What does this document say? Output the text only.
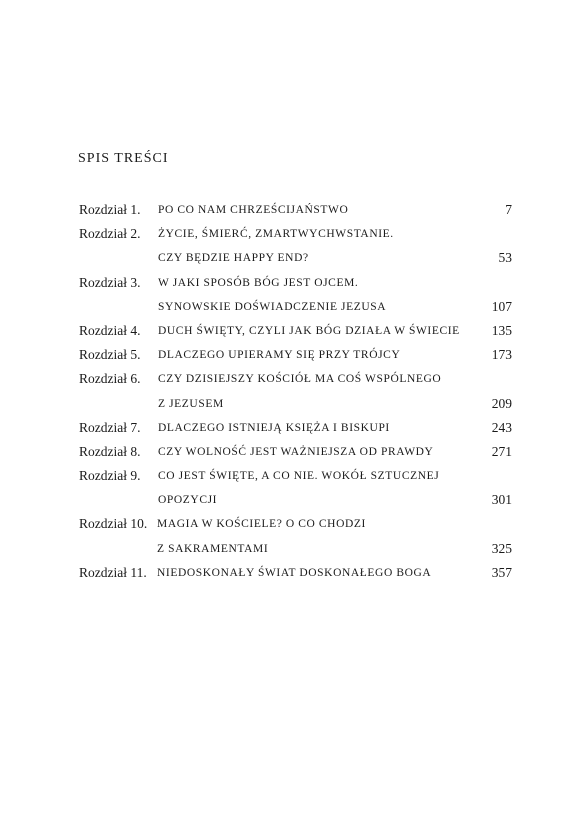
SPIS TREŚCI
Rozdział 1. PO CO NAM CHRZEŚCIJAŃSTWO	7
Rozdział 2. ŻYCIE, ŚMIERĆ, ZMARTWYCHWSTANIE.
CZY BĘDZIE HAPPY END?	53
Rozdział 3. W JAKI SPOSÓB BÓG JEST OJCEM.
SYNOWSKIE DOŚWIADCZENIE JEZUSA	107
Rozdział 4. DUCH ŚWIĘTY, CZYLI JAK BÓG DZIAŁA W ŚWIECIE 135
Rozdział 5. DLACZEGO UPIERAMY SIĘ PRZY TRÓJCY	173
Rozdział 6. CZY DZISIEJSZY KOŚCIÓŁ MA COŚ WSPÓLNEGO
Z JEZUSEM	209
Rozdział 7. DLACZEGO ISTNIEJĄ KSIĘŻA I BISKUPI	243
Rozdział 8. CZY WOLNOŚĆ JEST WAŻNIEJSZA OD PRAWDY	271
Rozdział 9. CO JEST ŚWIĘTE, A CO NIE. WOKÓŁ SZTUCZNEJ
OPOZYCJI	301
Rozdział 10. MAGIA W KOŚCIELE? O CO CHODZI
Z SAKRAMENTAMI	325
Rozdział 11. NIEDOSKONAŁY ŚWIAT DOSKONAŁEGO BOGA	357
